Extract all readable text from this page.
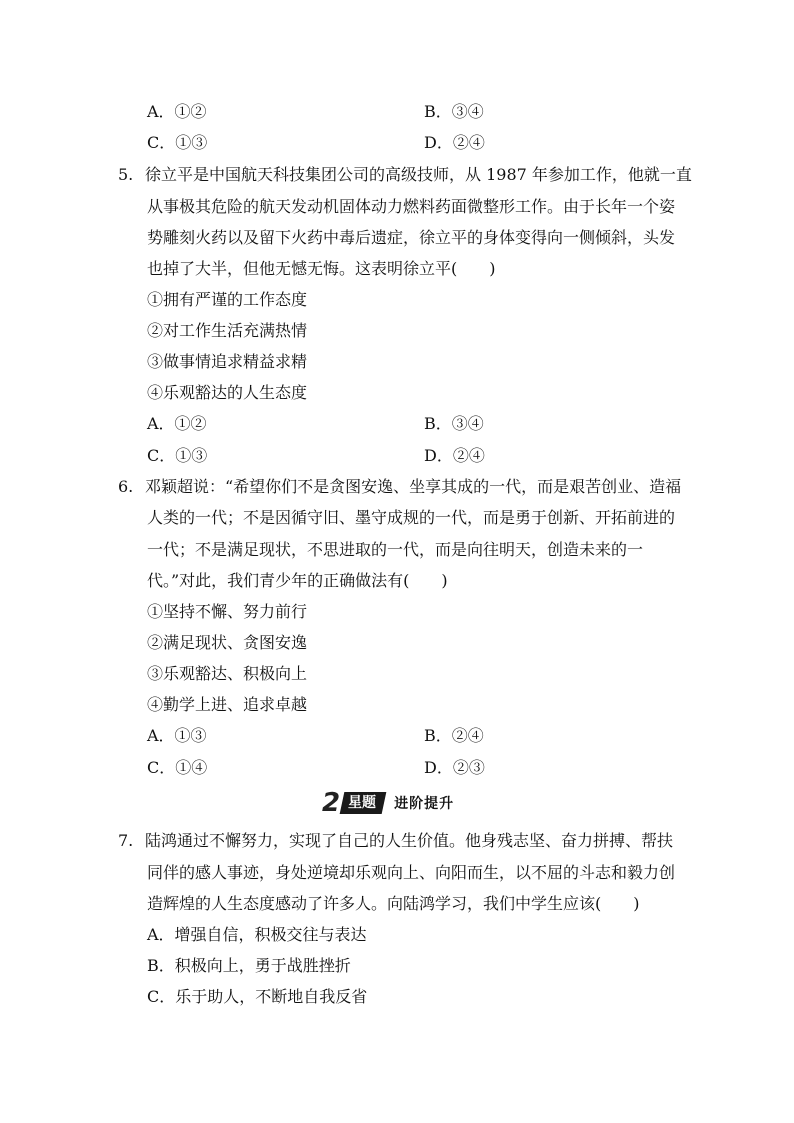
A．①②	B．③④
C．①③	D．②④
5. 徐立平是中国航天科技集团公司的高级技师，从 1987 年参加工作，他就一直
从事极其危险的航天发动机固体动力燃料药面微整形工作。由于长年一个姿
势雕刻火药以及留下火药中毒后遗症，徐立平的身体变得向一侧倾斜，头发
也掉了大半，但他无憾无悔。这表明徐立平(　　)
①拥有严谨的工作态度
②对工作生活充满热情
③做事情追求精益求精
④乐观豁达的人生态度
A．①②	B．③④
C．①③	D．②④
6. 邓颖超说：“希望你们不是贪图安逸、坐享其成的一代，而是艰苦创业、造福
人类的一代；不是因循守旧、墨守成规的一代，而是勇于创新、开拓前进的
一代；不是满足现状，不思进取的一代，而是向往明天，创造未来的一
代。”对此，我们青少年的正确做法有(　　)
①坚持不懈、努力前行
②满足现状、贪图安逸
③乐观豁达、积极向上
④勤学上进、追求卓越
A．①③	B．②④
C．①④	D．②③
2 星题	进阶提升
7. 陆鸿通过不懈努力，实现了自己的人生价值。他身残志坚、奋力拼搏、帮扶
同伴的感人事迹，身处逆境却乐观向上、向阳而生，以不屈的斗志和毅力创
造辉煌的人生态度感动了许多人。向陆鸿学习，我们中学生应该(　　)
A．增强自信，积极交往与表达
B．积极向上，勇于战胜挫折
C．乐于助人，不断地自我反省
